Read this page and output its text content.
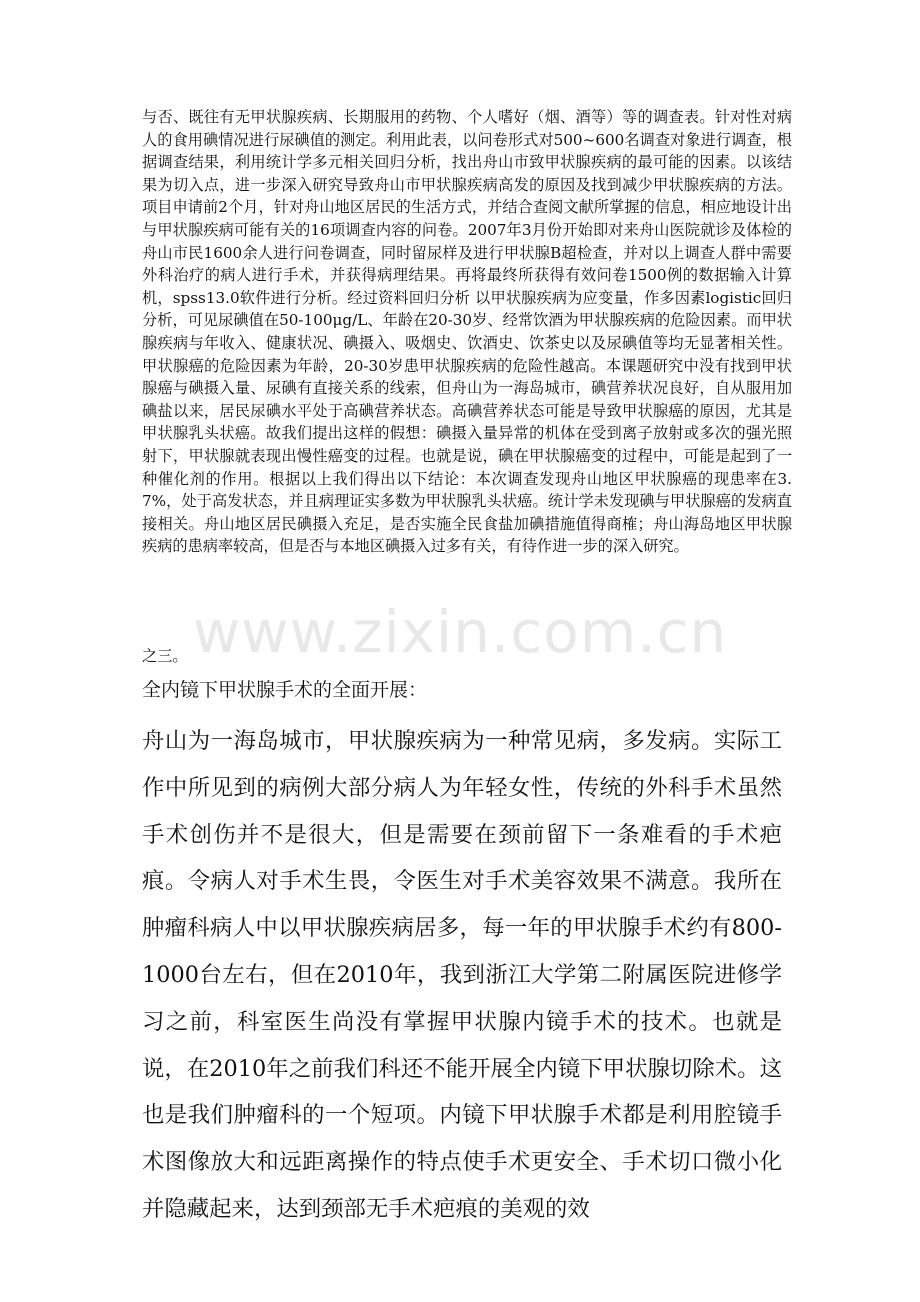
与否、既往有无甲状腺疾病、长期服用的药物、个人嗜好（烟、酒等）等的调查表。针对性对病人的食用碘情况进行尿碘值的测定。利用此表，以问卷形式对500~600名调查对象进行调查，根据调查结果，利用统计学多元相关回归分析，找出舟山市致甲状腺疾病的最可能的因素。以该结果为切入点，进一步深入研究导致舟山市甲状腺疾病高发的原因及找到减少甲状腺疾病的方法。项目申请前2个月，针对舟山地区居民的生活方式，并结合查阅文献所掌握的信息，相应地设计出与甲状腺疾病可能有关的16项调查内容的问卷。2007年3月份开始即对来舟山医院就诊及体检的舟山市民1600余人进行问卷调查，同时留尿样及进行甲状腺B超检查，并对以上调查人群中需要外科治疗的病人进行手术，并获得病理结果。再将最终所获得有效问卷1500例的数据输入计算机，spss13.0软件进行分析。经过资料回归分析 以甲状腺疾病为应变量，作多因素logistic回归分析，可见尿碘值在50-100μg/L、年龄在20-30岁、经常饮酒为甲状腺疾病的危险因素。而甲状腺疾病与年收入、健康状况、碘摄入、吸烟史、饮酒史、饮茶史以及尿碘值等均无显著相关性。甲状腺癌的危险因素为年龄，20-30岁患甲状腺疾病的危险性越高。本课题研究中没有找到甲状腺癌与碘摄入量、尿碘有直接关系的线索，但舟山为一海岛城市，碘营养状况良好，自从服用加碘盐以来，居民尿碘水平处于高碘营养状态。高碘营养状态可能是导致甲状腺癌的原因，尤其是甲状腺乳头状癌。故我们提出这样的假想：碘摄入量异常的机体在受到离子放射或多次的强光照射下，甲状腺就表现出慢性癌变的过程。也就是说，碘在甲状腺癌变的过程中，可能是起到了一种催化剂的作用。根据以上我们得出以下结论：本次调查发现舟山地区甲状腺癌的现患率在3.7%，处于高发状态，并且病理证实多数为甲状腺乳头状癌。统计学未发现碘与甲状腺癌的发病直接相关。舟山地区居民碘摄入充足，是否实施全民食盐加碘措施值得商榷；舟山海岛地区甲状腺疾病的患病率较高，但是否与本地区碘摄入过多有关，有待作进一步的深入研究。

www.zixin.com.cn

之三。

全内镜下甲状腺手术的全面开展：

舟山为一海岛城市，甲状腺疾病为一种常见病，多发病。实际工作中所见到的病例大部分病人为年轻女性，传统的外科手术虽然手术创伤并不是很大，但是需要在颈前留下一条难看的手术疤痕。令病人对手术生畏，令医生对手术美容效果不满意。我所在肿瘤科病人中以甲状腺疾病居多，每一年的甲状腺手术约有800-1000台左右，但在2010年，我到浙江大学第二附属医院进修学习之前，科室医生尚没有掌握甲状腺内镜手术的技术。也就是说，在2010年之前我们科还不能开展全内镜下甲状腺切除术。这也是我们肿瘤科的一个短项。内镜下甲状腺手术都是利用腔镜手术图像放大和远距离操作的特点使手术更安全、手术切口微小化并隐藏起来，达到颈部无手术疤痕的美观的效
